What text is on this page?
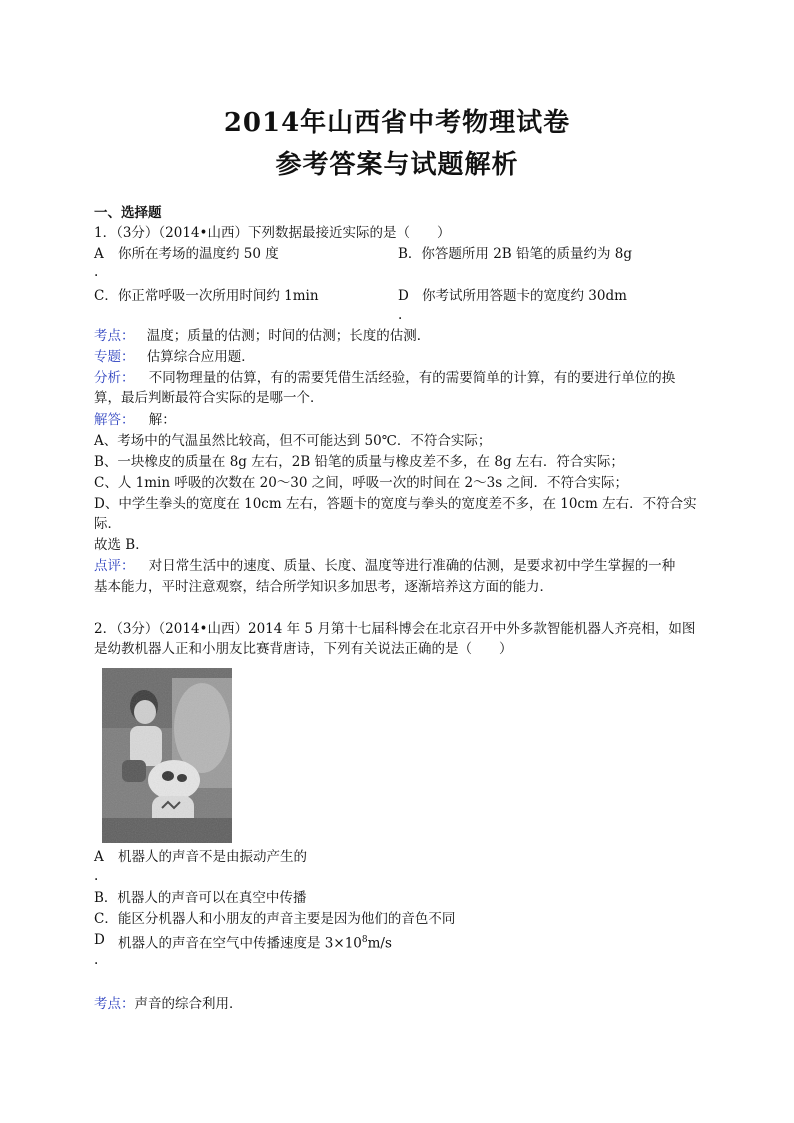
2014年山西省中考物理试卷
参考答案与试题解析
一、选择题
1．（3分）（2014•山西）下列数据最接近实际的是（　　）
A 你所在考场的温度约 50 度
.
B．你答题所用 2B 铅笔的质量约为 8g
C．你正常呼吸一次所用时间约 1min	D 你考试所用答题卡的宽度约 30dm
.
考点： 温度；质量的估测；时间的估测；长度的估测．
专题： 估算综合应用题．
分析： 不同物理量的估算，有的需要凭借生活经验，有的需要简单的计算，有的要进行单位的换
算，最后判断最符合实际的是哪一个．
解答： 解：
A、考场中的气温虽然比较高，但不可能达到 50℃．不符合实际；
B、一块橡皮的质量在 8g 左右，2B 铅笔的质量与橡皮差不多，在 8g 左右．符合实际；
C、人 1min 呼吸的次数在 20～30 之间，呼吸一次的时间在 2～3s 之间．不符合实际；
D、中学生拳头的宽度在 10cm 左右，答题卡的宽度与拳头的宽度差不多，在 10cm 左右．不符合实
际．
故选 B．
点评： 对日常生活中的速度、质量、长度、温度等进行准确的估测，是要求初中学生掌握的一种
基本能力，平时注意观察，结合所学知识多加思考，逐渐培养这方面的能力．
2．（3分）（2014•山西）2014 年 5 月第十七届科博会在北京召开中外多款智能机器人齐亮相，如图
是幼教机器人正和小朋友比赛背唐诗，下列有关说法正确的是（　　）
A 机器人的声音不是由振动产生的
.
B．机器人的声音可以在真空中传播
C．能区分机器人和小朋友的声音主要是因为他们的音色不同
D 机器人的声音在空气中传播速度是 $3\times 10^8m/s$
.
考点：声音的综合利用．
